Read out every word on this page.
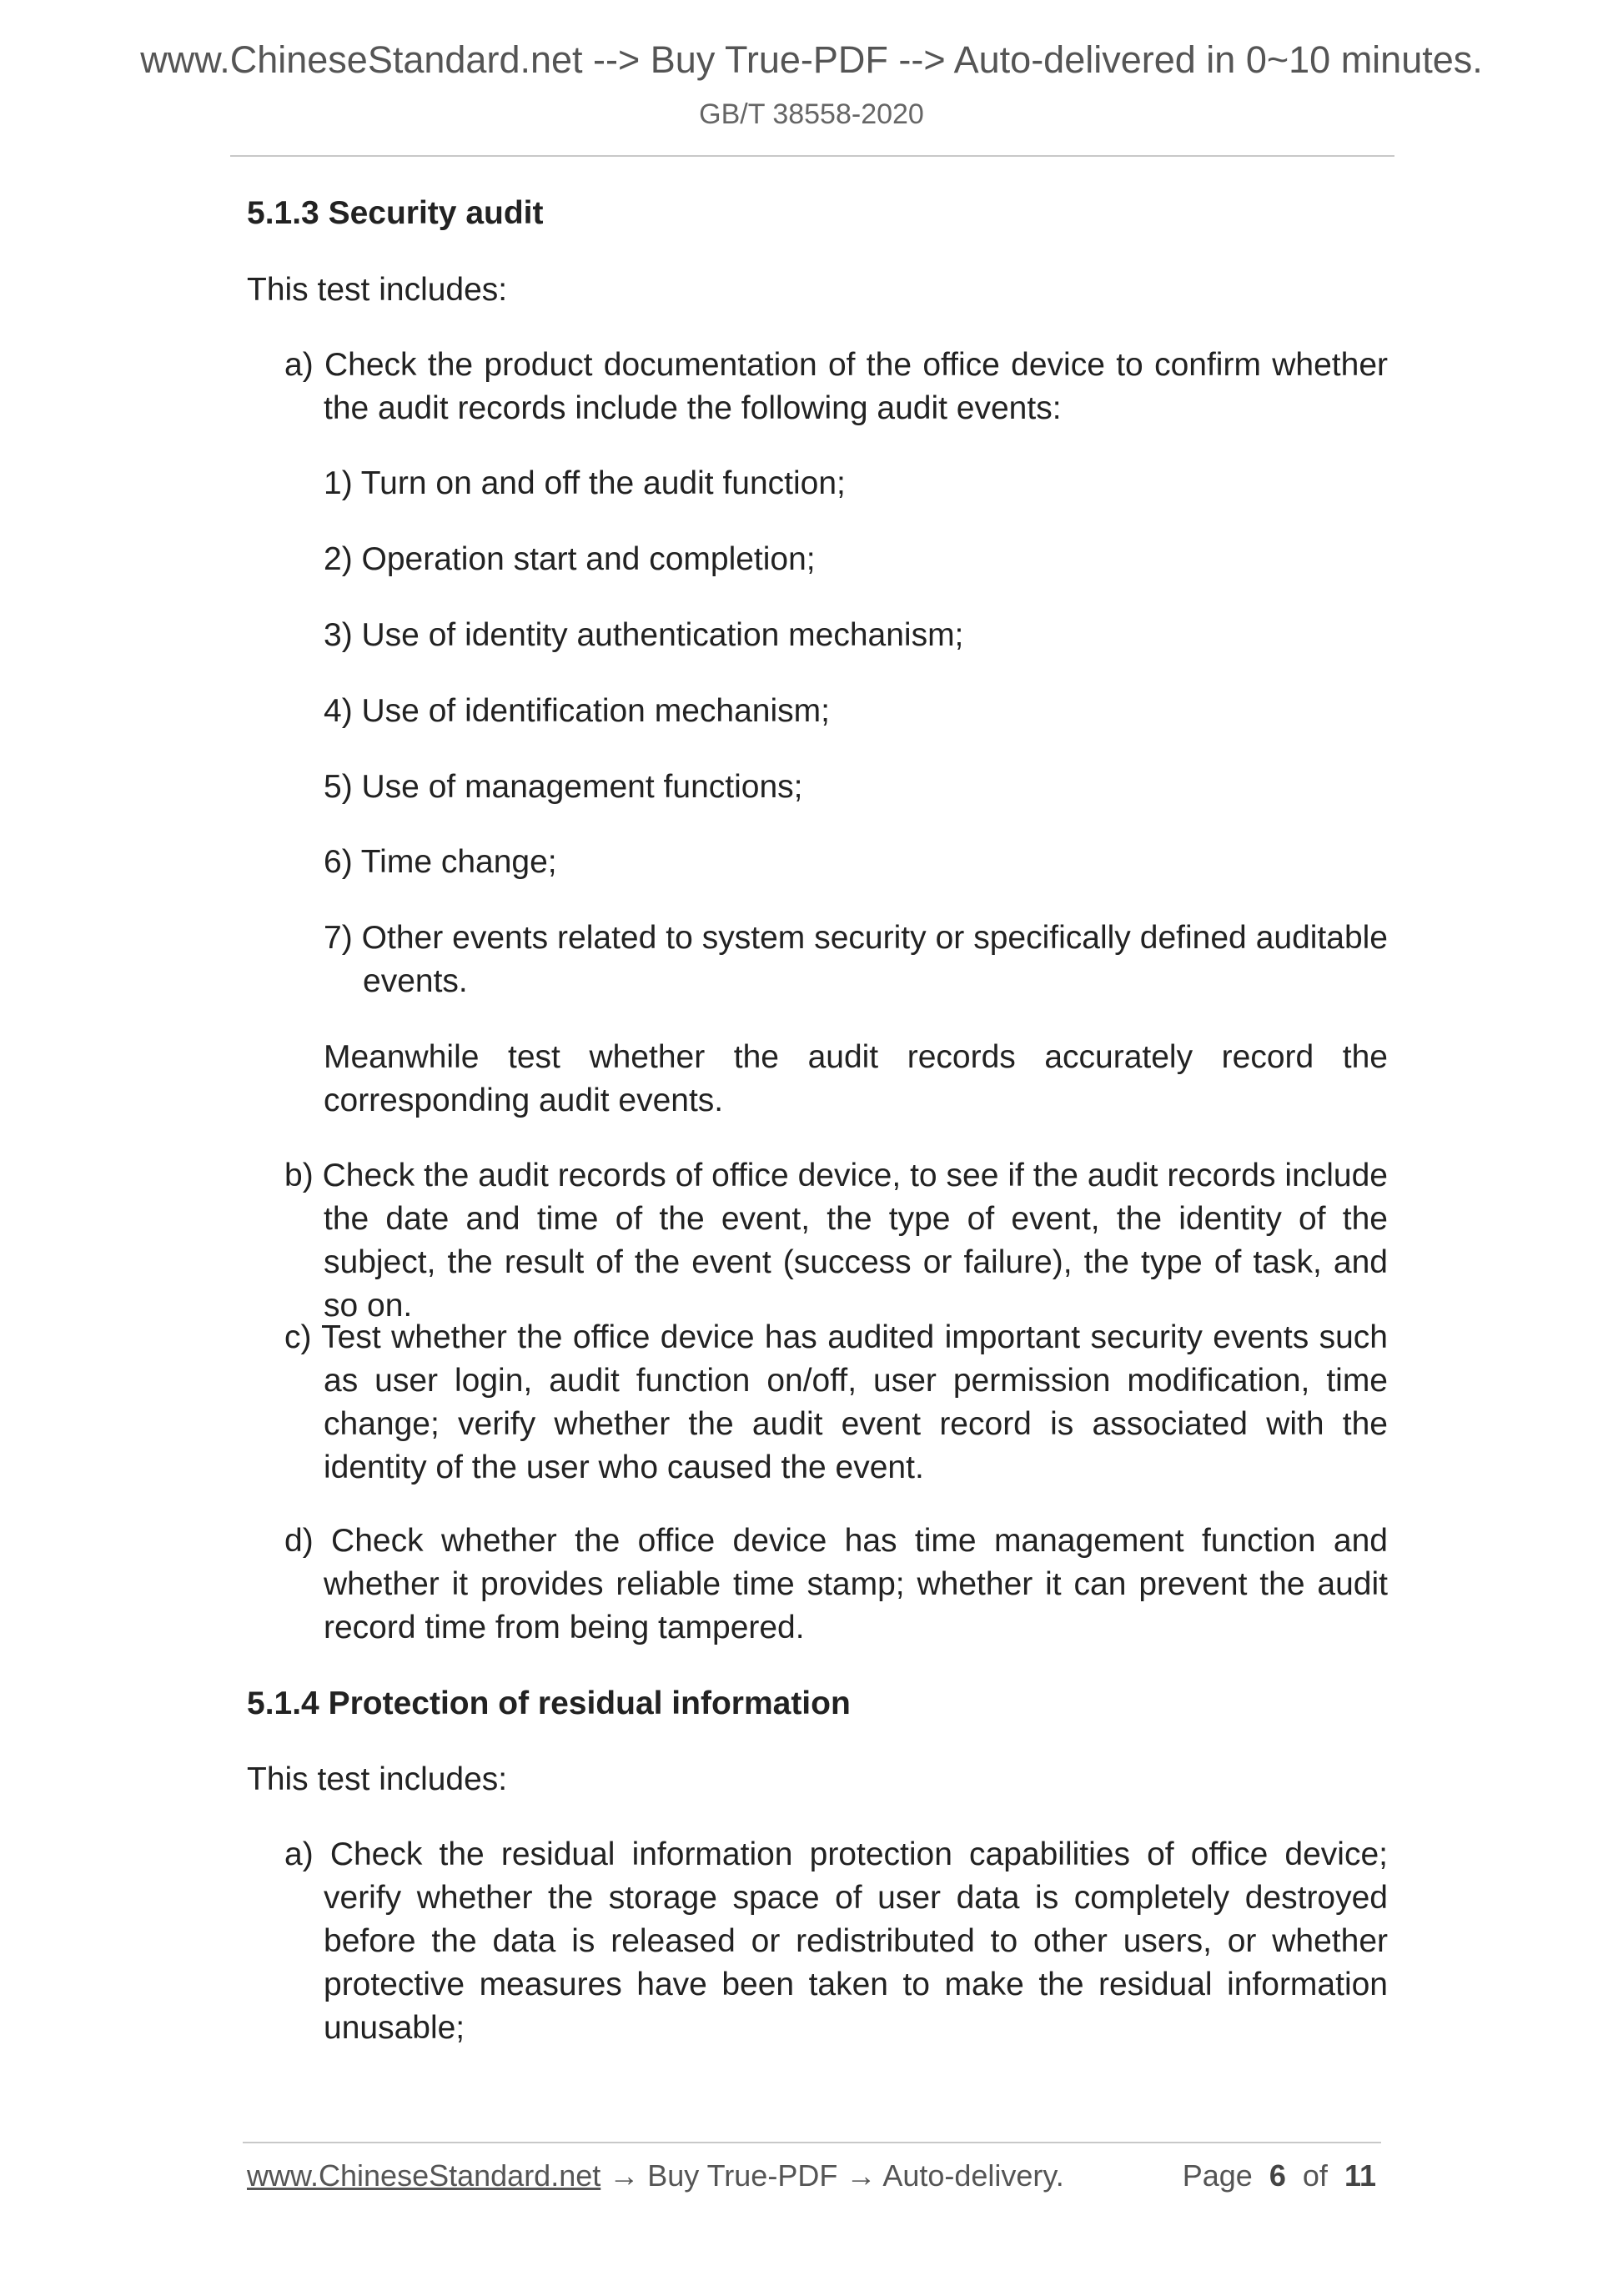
www.ChineseStandard.net --> Buy True-PDF --> Auto-delivered in 0~10 minutes.
GB/T 38558-2020
5.1.3 Security audit
This test includes:
a) Check the product documentation of the office device to confirm whether the audit records include the following audit events:
1) Turn on and off the audit function;
2) Operation start and completion;
3) Use of identity authentication mechanism;
4) Use of identification mechanism;
5) Use of management functions;
6) Time change;
7) Other events related to system security or specifically defined auditable events.
Meanwhile test whether the audit records accurately record the corresponding audit events.
b) Check the audit records of office device, to see if the audit records include the date and time of the event, the type of event, the identity of the subject, the result of the event (success or failure), the type of task, and so on.
c) Test whether the office device has audited important security events such as user login, audit function on/off, user permission modification, time change; verify whether the audit event record is associated with the identity of the user who caused the event.
d) Check whether the office device has time management function and whether it provides reliable time stamp; whether it can prevent the audit record time from being tampered.
5.1.4 Protection of residual information
This test includes:
a) Check the residual information protection capabilities of office device; verify whether the storage space of user data is completely destroyed before the data is released or redistributed to other users, or whether protective measures have been taken to make the residual information unusable;
www.ChineseStandard.net → Buy True-PDF → Auto-delivery.	Page 6 of 11
